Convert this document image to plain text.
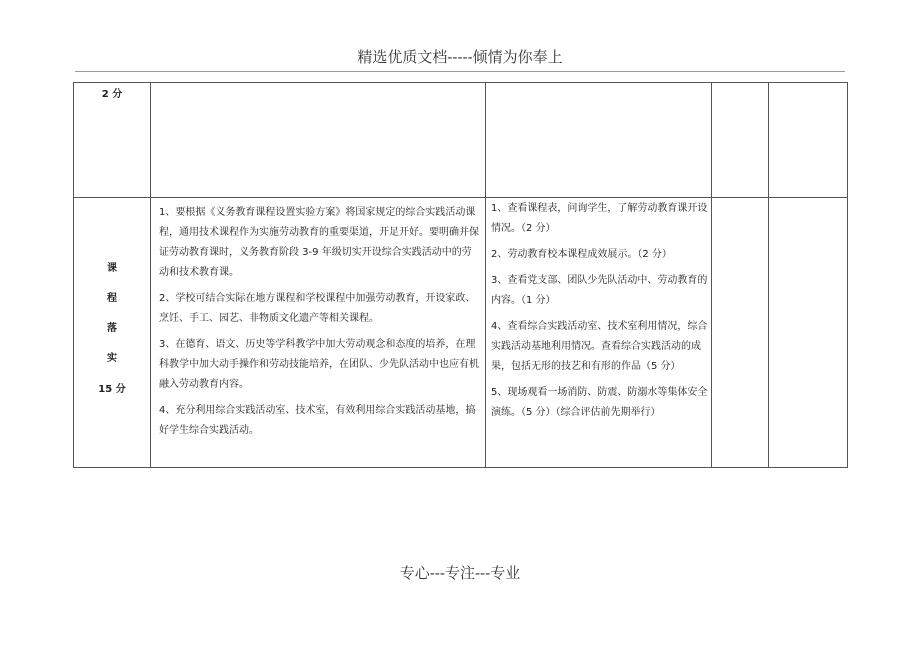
精选优质文档-----倾情为你奉上
2 分
课
程
落
实
15 分

1、要根据《义务教育课程设置实验方案》将国家规定的综合实践活动课程，通用技术课程作为实施劳动教育的重要渠道，开足开好。要明确并保证劳动教育课时，义务教育阶段 3-9 年级切实开设综合实践活动中的劳动和技术教育课。

2、学校可结合实际在地方课程和学校课程中加强劳动教育，开设家政、烹饪、手工、园艺、非物质文化遗产等相关课程。

3、在德育、语文、历史等学科教学中加大劳动观念和态度的培养，在理科教学中加大动手操作和劳动技能培养，在团队、少先队活动中也应有机融入劳动教育内容。

4、充分利用综合实践活动室、技术室，有效利用综合实践活动基地，搞好学生综合实践活动。

1、查看课程表，问询学生，了解劳动教育课开设情况。（2 分）

2、劳动教育校本课程成效展示。（2 分）

3、查看党支部、团队少先队活动中、劳动教育的内容。（1 分）

4、查看综合实践活动室、技术室利用情况，综合实践活动基地利用情况。查看综合实践活动的成果，包括无形的技艺和有形的作品（5 分）

5、现场观看一场消防、防震、防溺水等集体安全演练。（5 分）（综合评估前先期举行）

专心---专注---专业
